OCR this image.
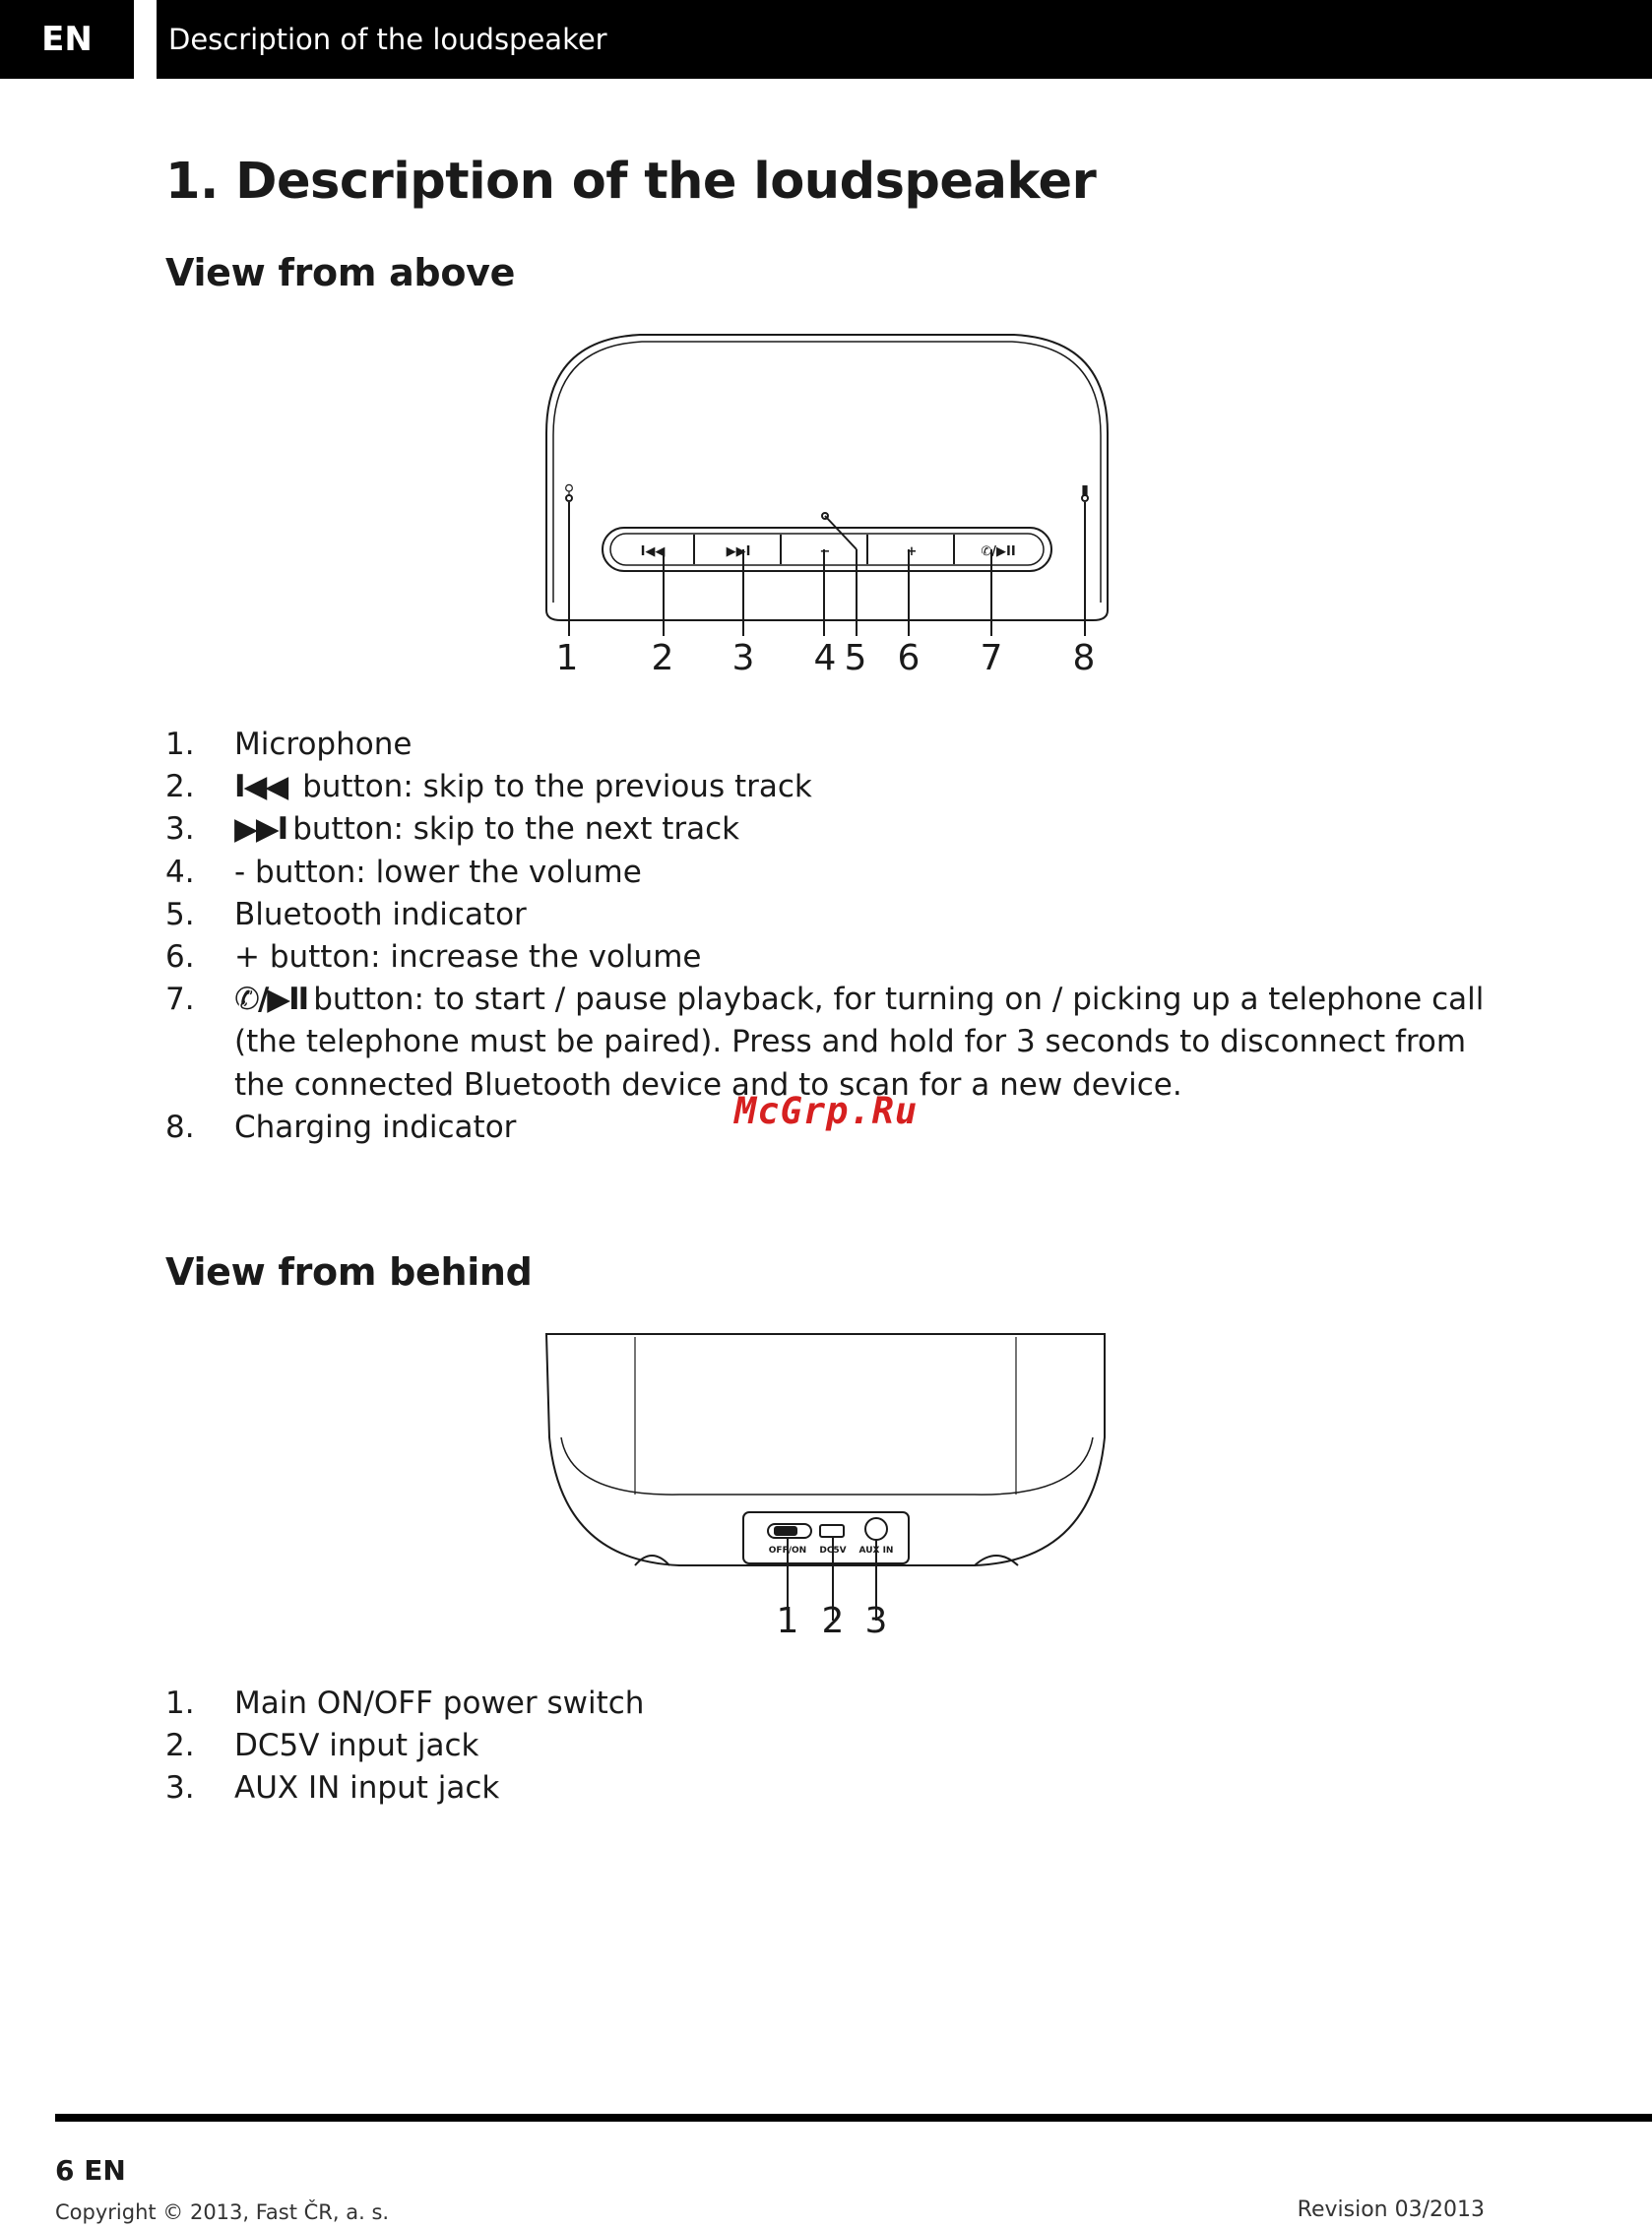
EN	Description of the loudspeaker
1. Description of the loudspeaker
View from above
I◀◀	▶▶I	−	+	✆/▶II
⚲	▮
1 2 3 4 5 6 7 8
1. Microphone
2. I◀◀ button: skip to the previous track
3. ▶▶I button: skip to the next track
4. - button: lower the volume
5. Bluetooth indicator
6. + button: increase the volume
7. ✆/▶II button: to start / pause playback, for turning on / picking up a telephone call (the telephone must be paired). Press and hold for 3 seconds to disconnect from the connected Bluetooth device and to scan for a new device.
8. Charging indicator	McGrp.Ru
View from behind
OFF/ON DC5V AUX IN
1 2 3
1. Main ON/OFF power switch
2. DC5V input jack
3. AUX IN input jack
6 EN
Copyright © 2013, Fast ČR, a. s.	Revision 03/2013
